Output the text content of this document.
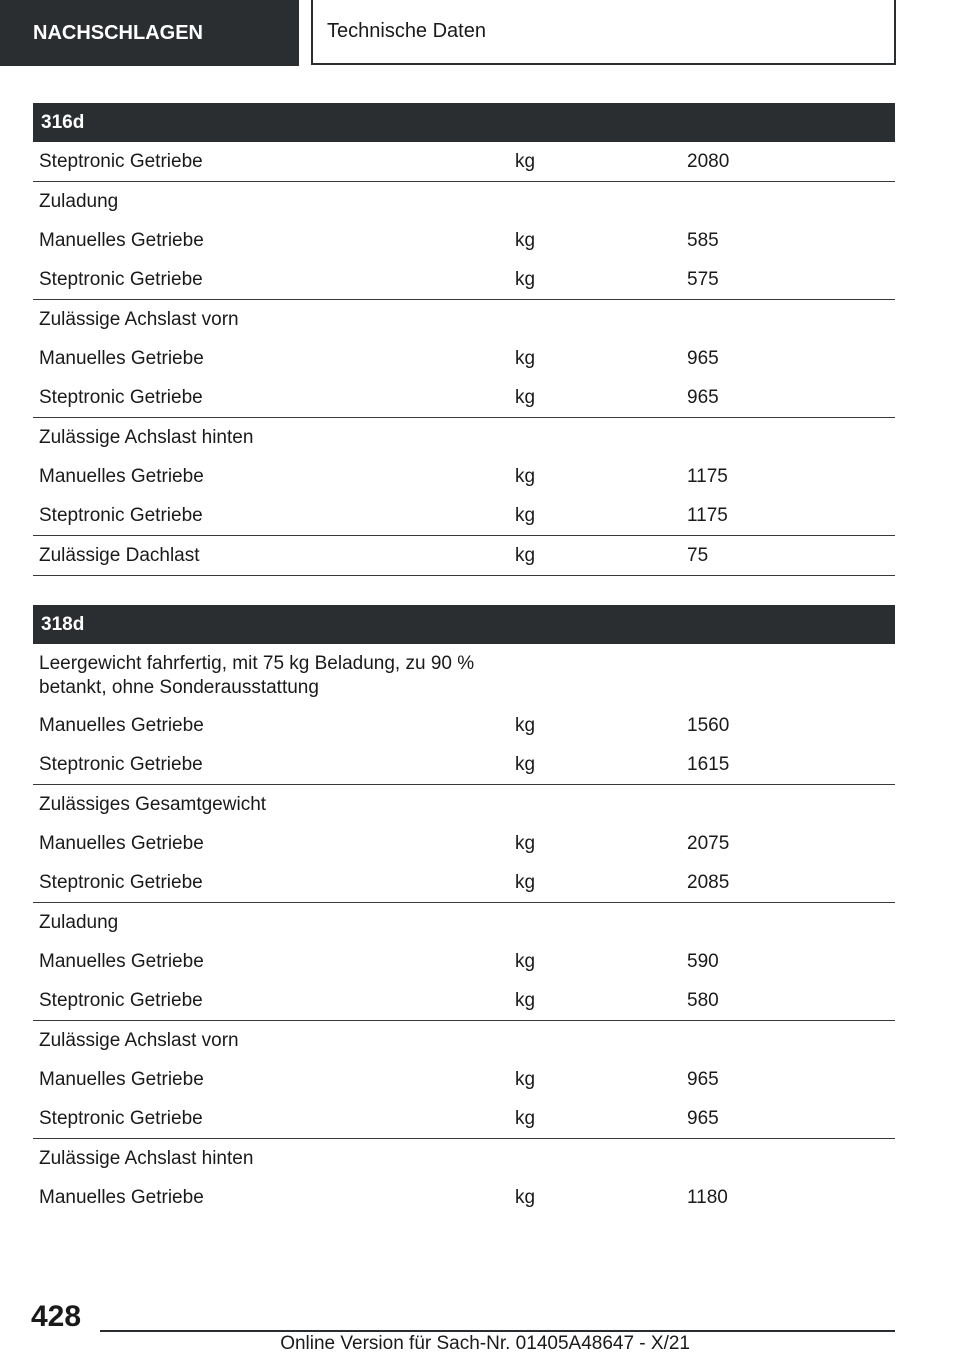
NACHSCHLAGEN	Technische Daten
316d
Steptronic Getriebe	kg	2080
Zuladung
Manuelles Getriebe	kg	585
Steptronic Getriebe	kg	575
Zulässige Achslast vorn
Manuelles Getriebe	kg	965
Steptronic Getriebe	kg	965
Zulässige Achslast hinten
Manuelles Getriebe	kg	1175
Steptronic Getriebe	kg	1175
Zulässige Dachlast	kg	75
318d
Leergewicht fahrfertig, mit 75 kg Beladung, zu 90 % betankt, ohne Sonderausstattung
Manuelles Getriebe	kg	1560
Steptronic Getriebe	kg	1615
Zulässiges Gesamtgewicht
Manuelles Getriebe	kg	2075
Steptronic Getriebe	kg	2085
Zuladung
Manuelles Getriebe	kg	590
Steptronic Getriebe	kg	580
Zulässige Achslast vorn
Manuelles Getriebe	kg	965
Steptronic Getriebe	kg	965
Zulässige Achslast hinten
Manuelles Getriebe	kg	1180
428
Online Version für Sach-Nr. 01405A48647 - X/21
